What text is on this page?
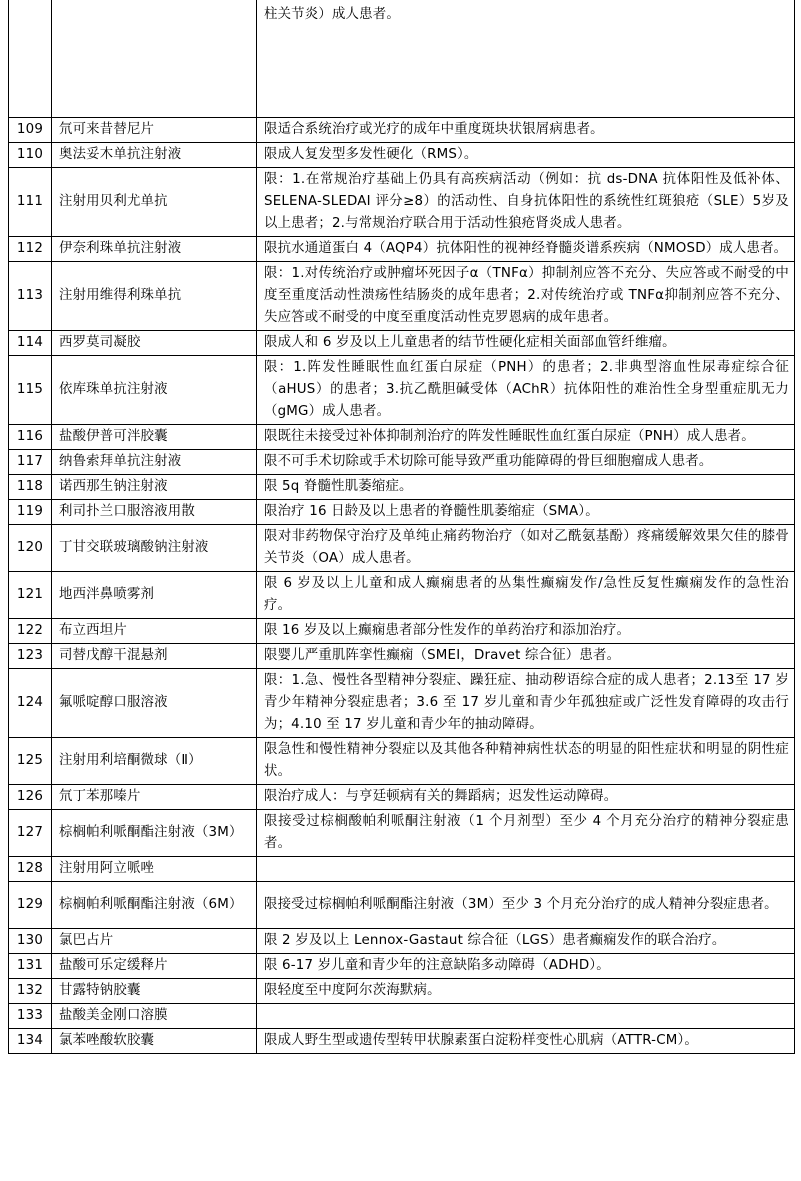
		柱关节炎）成人患者。
109	氘可来昔替尼片	限适合系统治疗或光疗的成年中重度斑块状银屑病患者。
110	奥法妥木单抗注射液	限成人复发型多发性硬化（RMS）。
111	注射用贝利尤单抗	限：1.在常规治疗基础上仍具有高疾病活动（例如：抗 ds-DNA 抗体阳性及低补体、SELENA-SLEDAI 评分≥8）的活动性、自身抗体阳性的系统性红斑狼疮（SLE）5岁及以上患者；2.与常规治疗联合用于活动性狼疮肾炎成人患者。
112	伊奈利珠单抗注射液	限抗水通道蛋白 4（AQP4）抗体阳性的视神经脊髓炎谱系疾病（NMOSD）成人患者。
113	注射用维得利珠单抗	限：1.对传统治疗或肿瘤坏死因子α（TNFα）抑制剂应答不充分、失应答或不耐受的中度至重度活动性溃疡性结肠炎的成年患者；2.对传统治疗或 TNFα抑制剂应答不充分、失应答或不耐受的中度至重度活动性克罗恩病的成年患者。
114	西罗莫司凝胶	限成人和 6 岁及以上儿童患者的结节性硬化症相关面部血管纤维瘤。
115	依库珠单抗注射液	限：1.阵发性睡眠性血红蛋白尿症（PNH）的患者；2.非典型溶血性尿毒症综合征（aHUS）的患者；3.抗乙酰胆碱受体（AChR）抗体阳性的难治性全身型重症肌无力（gMG）成人患者。
116	盐酸伊普可泮胶囊	限既往未接受过补体抑制剂治疗的阵发性睡眠性血红蛋白尿症（PNH）成人患者。
117	纳鲁索拜单抗注射液	限不可手术切除或手术切除可能导致严重功能障碍的骨巨细胞瘤成人患者。
118	诺西那生钠注射液	限 5q 脊髓性肌萎缩症。
119	利司扑兰口服溶液用散	限治疗 16 日龄及以上患者的脊髓性肌萎缩症（SMA）。
120	丁甘交联玻璃酸钠注射液	限对非药物保守治疗及单纯止痛药物治疗（如对乙酰氨基酚）疼痛缓解效果欠佳的膝骨关节炎（OA）成人患者。
121	地西泮鼻喷雾剂	限 6 岁及以上儿童和成人癫痫患者的丛集性癫痫发作/急性反复性癫痫发作的急性治疗。
122	布立西坦片	限 16 岁及以上癫痫患者部分性发作的单药治疗和添加治疗。
123	司替戊醇干混悬剂	限婴儿严重肌阵挛性癫痫（SMEI，Dravet 综合征）患者。
124	氟哌啶醇口服溶液	限：1.急、慢性各型精神分裂症、躁狂症、抽动秽语综合症的成人患者；2.13至 17 岁青少年精神分裂症患者；3.6 至 17 岁儿童和青少年孤独症或广泛性发育障碍的攻击行为；4.10 至 17 岁儿童和青少年的抽动障碍。
125	注射用利培酮微球（Ⅱ）	限急性和慢性精神分裂症以及其他各种精神病性状态的明显的阳性症状和明显的阴性症状。
126	氘丁苯那嗪片	限治疗成人：与亨廷顿病有关的舞蹈病；迟发性运动障碍。
127	棕榈帕利哌酮酯注射液（3M）	限接受过棕榈酸帕利哌酮注射液（1 个月剂型）至少 4 个月充分治疗的精神分裂症患者。
128	注射用阿立哌唑	
129	棕榈帕利哌酮酯注射液（6M）	限接受过棕榈帕利哌酮酯注射液（3M）至少 3 个月充分治疗的成人精神分裂症患者。
130	氯巴占片	限 2 岁及以上 Lennox-Gastaut 综合征（LGS）患者癫痫发作的联合治疗。
131	盐酸可乐定缓释片	限 6-17 岁儿童和青少年的注意缺陷多动障碍（ADHD）。
132	甘露特钠胶囊	限轻度至中度阿尔茨海默病。
133	盐酸美金刚口溶膜	
134	氯苯唑酸软胶囊	限成人野生型或遗传型转甲状腺素蛋白淀粉样变性心肌病（ATTR-CM）。
